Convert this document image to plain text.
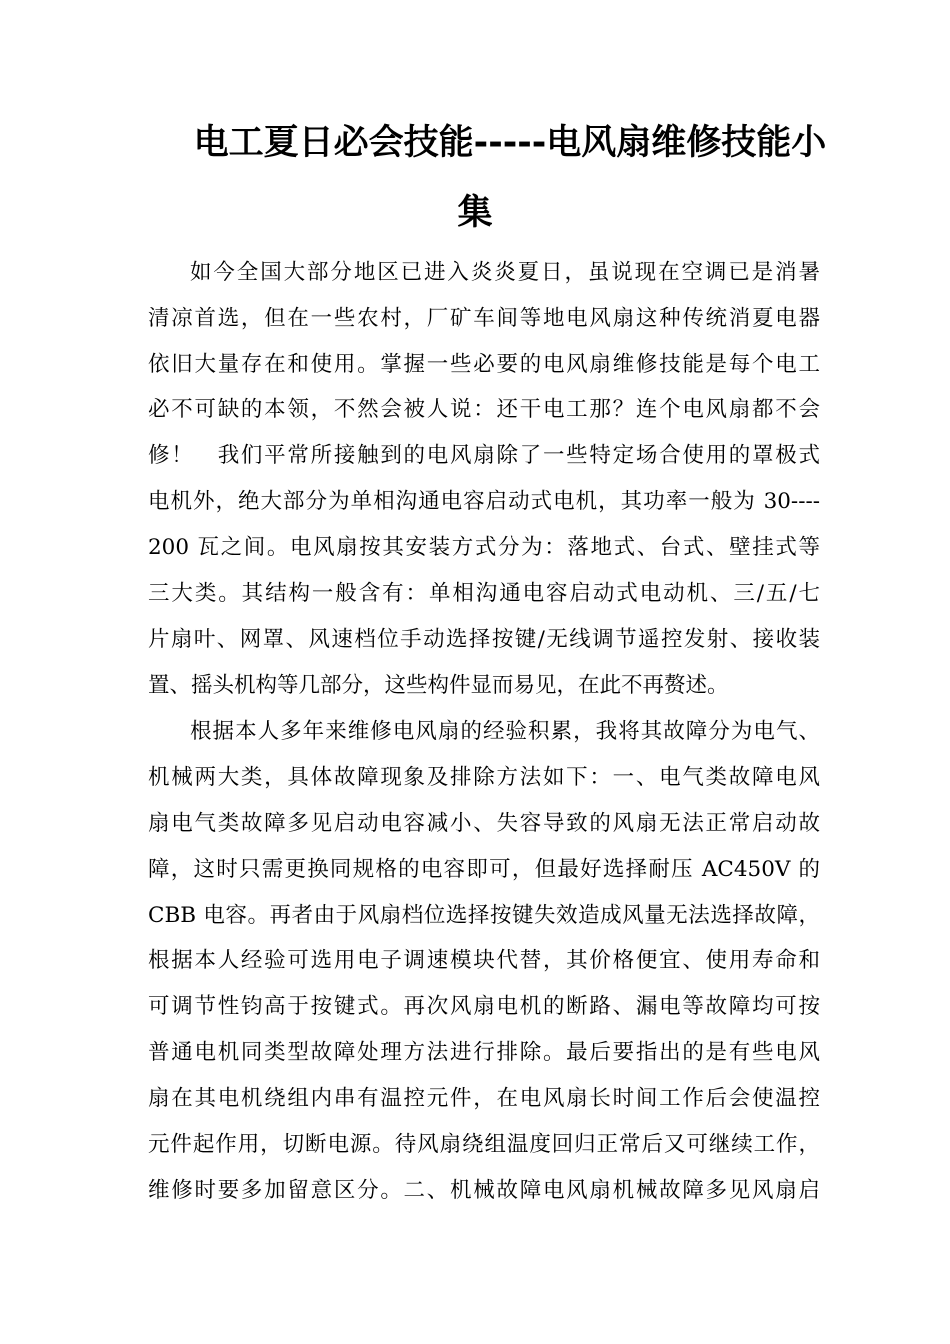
电工夏日必会技能-----电风扇维修技能小
集
如今全国大部分地区已进入炎炎夏日，虽说现在空调已是消暑
清凉首选，但在一些农村，厂矿车间等地电风扇这种传统消夏电器
依旧大量存在和使用。掌握一些必要的电风扇维修技能是每个电工
必不可缺的本领，不然会被人说：还干电工那？连个电风扇都不会
修！　我们平常所接触到的电风扇除了一些特定场合使用的罩极式
电机外，绝大部分为单相沟通电容启动式电机，其功率一般为 30----
200 瓦之间。电风扇按其安装方式分为：落地式、台式、壁挂式等
三大类。其结构一般含有：单相沟通电容启动式电动机、三/五/七
片扇叶、网罩、风速档位手动选择按键/无线调节遥控发射、接收装
置、摇头机构等几部分，这些构件显而易见，在此不再赘述。
根据本人多年来维修电风扇的经验积累，我将其故障分为电气、
机械两大类，具体故障现象及排除方法如下：一、电气类故障电风
扇电气类故障多见启动电容减小、失容导致的风扇无法正常启动故
障，这时只需更换同规格的电容即可，但最好选择耐压 AC450V 的
CBB 电容。再者由于风扇档位选择按键失效造成风量无法选择故障，
根据本人经验可选用电子调速模块代替，其价格便宜、使用寿命和
可调节性钧高于按键式。再次风扇电机的断路、漏电等故障均可按
普通电机同类型故障处理方法进行排除。最后要指出的是有些电风
扇在其电机绕组内串有温控元件，在电风扇长时间工作后会使温控
元件起作用，切断电源。待风扇绕组温度回归正常后又可继续工作，
维修时要多加留意区分。二、机械故障电风扇机械故障多见风扇启
